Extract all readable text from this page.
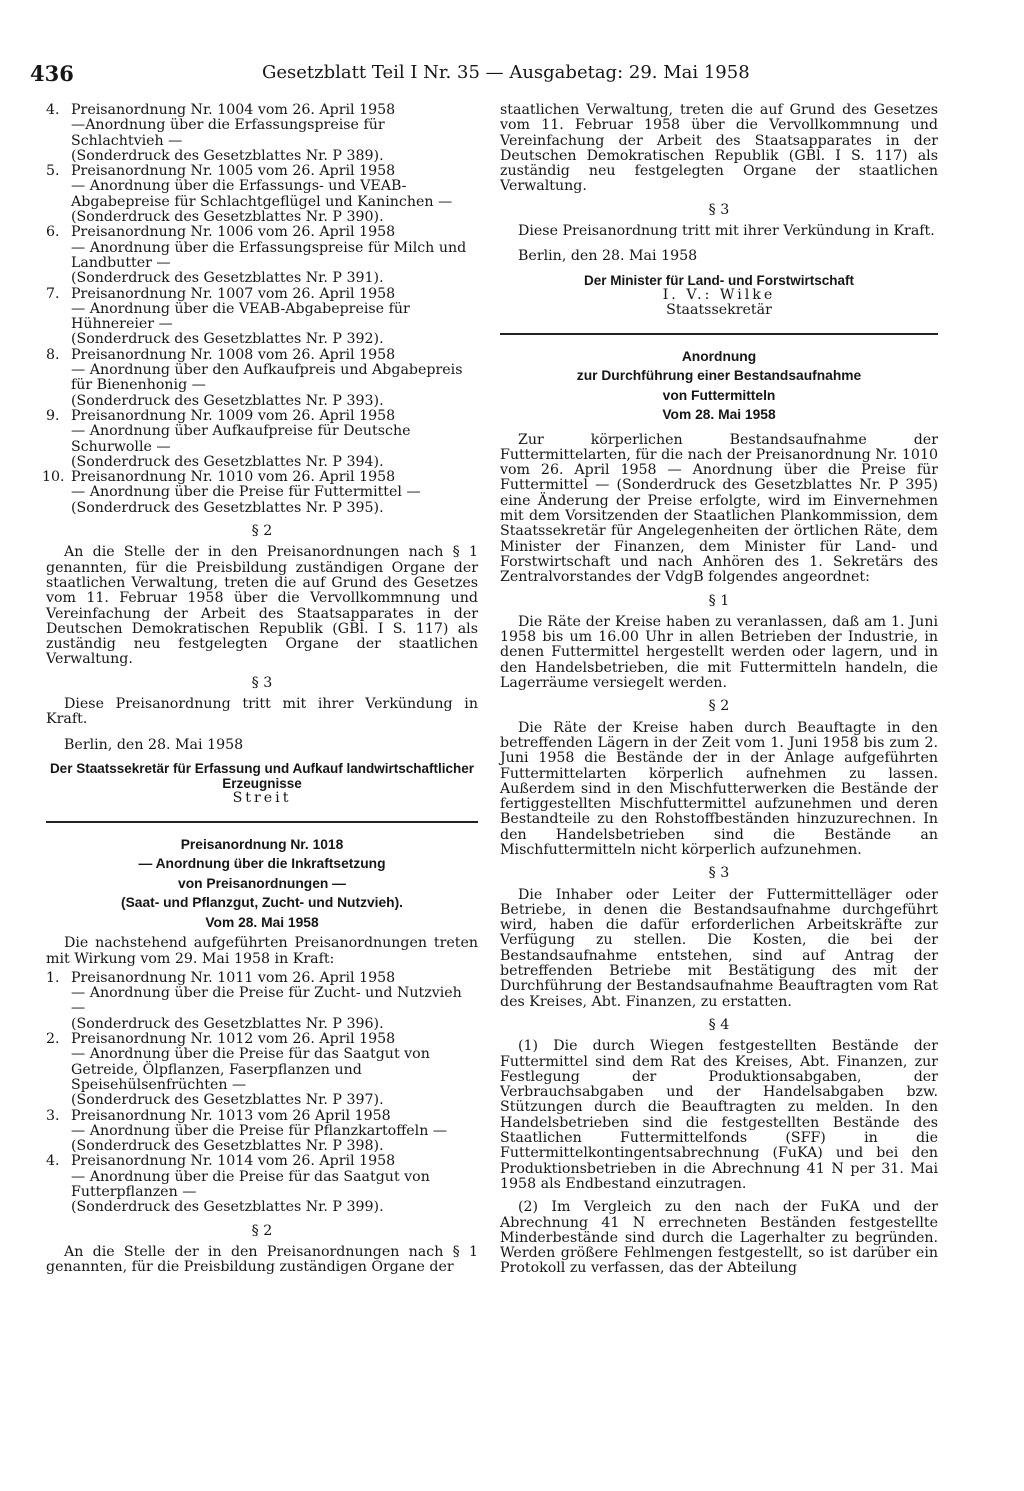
436	Gesetzblatt Teil I Nr. 35 — Ausgabetag: 29. Mai 1958
4. Preisanordnung Nr. 1004 vom 26. April 1958
—Anordnung über die Erfassungspreise für Schlachtvieh —
(Sonderdruck des Gesetzblattes Nr. P 389).
5. Preisanordnung Nr. 1005 vom 26. April 1958
— Anordnung über die Erfassungs- und VEAB-Abgabepreise für Schlachtgeflügel und Kaninchen —
(Sonderdruck des Gesetzblattes Nr. P 390).
6. Preisanordnung Nr. 1006 vom 26. April 1958
— Anordnung über die Erfassungspreise für Milch und Landbutter —
(Sonderdruck des Gesetzblattes Nr. P 391).
7. Preisanordnung Nr. 1007 vom 26. April 1958
— Anordnung über die VEAB-Abgabepreise für Hühnereier —
(Sonderdruck des Gesetzblattes Nr. P 392).
8. Preisanordnung Nr. 1008 vom 26. April 1958
— Anordnung über den Aufkaufpreis und Abgabepreis für Bienenhonig —
(Sonderdruck des Gesetzblattes Nr. P 393).
9. Preisanordnung Nr. 1009 vom 26. April 1958
— Anordnung über Aufkaufpreise für Deutsche Schurwolle —
(Sonderdruck des Gesetzblattes Nr. P 394).
10. Preisanordnung Nr. 1010 vom 26. April 1958
— Anordnung über die Preise für Futtermittel —
(Sonderdruck des Gesetzblattes Nr. P 395).
§ 2

An die Stelle der in den Preisanordnungen nach § 1 genannten, für die Preisbildung zuständigen Organe der staatlichen Verwaltung, treten die auf Grund des Gesetzes vom 11. Februar 1958 über die Vervollkommnung und Vereinfachung der Arbeit des Staatsapparates in der Deutschen Demokratischen Republik (GBl. I S. 117) als zuständig neu festgelegten Organe der staatlichen Verwaltung.

§ 3

Diese Preisanordnung tritt mit ihrer Verkündung in Kraft.

Berlin, den 28. Mai 1958

Der Staatssekretär für Erfassung und Aufkauf landwirtschaftlicher Erzeugnisse
Streit
Preisanordnung Nr. 1018
— Anordnung über die Inkraftsetzung
von Preisanordnungen —
(Saat- und Pflanzgut, Zucht- und Nutzvieh).
Vom 28. Mai 1958

Die nachstehend aufgeführten Preisanordnungen treten mit Wirkung vom 29. Mai 1958 in Kraft:

1. Preisanordnung Nr. 1011 vom 26. April 1958
— Anordnung über die Preise für Zucht- und Nutzvieh —
(Sonderdruck des Gesetzblattes Nr. P 396).
2. Preisanordnung Nr. 1012 vom 26. April 1958
— Anordnung über die Preise für das Saatgut von Getreide, Ölpflanzen, Faserpflanzen und Speisehülsenfrüchten —
(Sonderdruck des Gesetzblattes Nr. P 397).
3. Preisanordnung Nr. 1013 vom 26 April 1958
— Anordnung über die Preise für Pflanzkartoffeln —
(Sonderdruck des Gesetzblattes Nr. P 398).
4. Preisanordnung Nr. 1014 vom 26. April 1958
— Anordnung über die Preise für das Saatgut von Futterpflanzen —
(Sonderdruck des Gesetzblattes Nr. P 399).
§ 2

An die Stelle der in den Preisanordnungen nach § 1 genannten, für die Preisbildung zuständigen Organe der

staatlichen Verwaltung, treten die auf Grund des Gesetzes vom 11. Februar 1958 über die Vervollkommnung und Vereinfachung der Arbeit des Staatsapparates in der Deutschen Demokratischen Republik (GBl. I S. 117) als zuständig neu festgelegten Organe der staatlichen Verwaltung.

§ 3

Diese Preisanordnung tritt mit ihrer Verkündung in Kraft.

Berlin, den 28. Mai 1958

Der Minister für Land- und Forstwirtschaft
I. V.: Wilke
Staatssekretär
Anordnung
zur Durchführung einer Bestandsaufnahme
von Futtermitteln
Vom 28. Mai 1958

Zur körperlichen Bestandsaufnahme der Futtermittelarten, für die nach der Preisanordnung Nr. 1010 vom 26. April 1958 — Anordnung über die Preise für Futtermittel — (Sonderdruck des Gesetzblattes Nr. P 395) eine Änderung der Preise erfolgte, wird im Einvernehmen mit dem Vorsitzenden der Staatlichen Plankommission, dem Staatssekretär für Angelegenheiten der örtlichen Räte, dem Minister der Finanzen, dem Minister für Land- und Forstwirtschaft und nach Anhören des 1. Sekretärs des Zentralvorstandes der VdgB folgendes angeordnet:

§ 1

Die Räte der Kreise haben zu veranlassen, daß am 1. Juni 1958 bis um 16.00 Uhr in allen Betrieben der Industrie, in denen Futtermittel hergestellt werden oder lagern, und in den Handelsbetrieben, die mit Futtermitteln handeln, die Lagerräume versiegelt werden.

§ 2

Die Räte der Kreise haben durch Beauftagte in den betreffenden Lägern in der Zeit vom 1. Juni 1958 bis zum 2. Juni 1958 die Bestände der in der Anlage aufgeführten Futtermittelarten körperlich aufnehmen zu lassen. Außerdem sind in den Mischfutterwerken die Bestände der fertiggestellten Mischfuttermittel aufzunehmen und deren Bestandteile zu den Rohstoffbeständen hinzuzurechnen. In den Handelsbetrieben sind die Bestände an Mischfuttermitteln nicht körperlich aufzunehmen.

§ 3

Die Inhaber oder Leiter der Futtermittelläger oder Betriebe, in denen die Bestandsaufnahme durchgeführt wird, haben die dafür erforderlichen Arbeitskräfte zur Verfügung zu stellen. Die Kosten, die bei der Bestandsaufnahme entstehen, sind auf Antrag der betreffenden Betriebe mit Bestätigung des mit der Durchführung der Bestandsaufnahme Beauftragten vom Rat des Kreises, Abt. Finanzen, zu erstatten.

§ 4

(1) Die durch Wiegen festgestellten Bestände der Futtermittel sind dem Rat des Kreises, Abt. Finanzen, zur Festlegung der Produktionsabgaben, der Verbrauchsabgaben und der Handelsabgaben bzw. Stützungen durch die Beauftragten zu melden. In den Handelsbetrieben sind die festgestellten Bestände des Staatlichen Futtermittelfonds (SFF) in die Futtermittelkontingentsabrechnung (FuKA) und bei den Produktionsbetrieben in die Abrechnung 41 N per 31. Mai 1958 als Endbestand einzutragen.

(2) Im Vergleich zu den nach der FuKA und der Abrechnung 41 N errechneten Beständen festgestellte Minderbestände sind durch die Lagerhalter zu begründen. Werden größere Fehlmengen festgestellt, so ist darüber ein Protokoll zu verfassen, das der Abteilung
